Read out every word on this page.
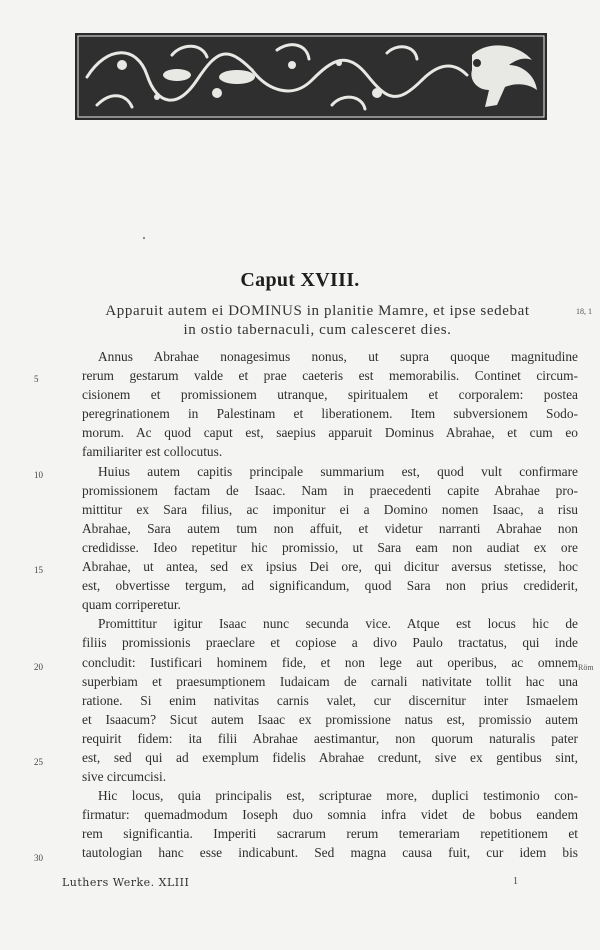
Caput XVIII.
Apparuit autem ei DOMINUS in planitie Mamre, et ipse sedebat
in ostio tabernaculi, cum calesceret dies.
18, 1
Annus Abrahae nonagesimus nonus, ut supra quoque magnitudine
rerum gestarum valde et prae caeteris est memorabilis. Continet circum-
cisionem et promissionem utranque, spiritualem et corporalem: postea
peregrinationem in Palestinam et liberationem. Item subversionem Sodo-
morum. Ac quod caput est, saepius apparuit Dominus Abrahae, et cum eo
familiariter est collocutus.
Huius autem capitis principale summarium est, quod vult confirmare
promissionem factam de Isaac. Nam in praecedenti capite Abrahae pro-
mittitur ex Sara filius, ac imponitur ei a Domino nomen Isaac, a risu
Abrahae, Sara autem tum non affuit, et videtur narranti Abrahae non
credidisse. Ideo repetitur hic promissio, ut Sara eam non audiat ex ore
Abrahae, ut antea, sed ex ipsius Dei ore, qui dicitur aversus stetisse, hoc
est, obvertisse tergum, ad significandum, quod Sara non prius crediderit,
quam corriperetur.
Promittitur igitur Isaac nunc secunda vice. Atque est locus hic de
filiis promissionis praeclare et copiose a divo Paulo tractatus, qui inde
concludit: Iustificari hominem fide, et non lege aut operibus, ac omnem
superbiam et praesumptionem Iudaicam de carnali nativitate tollit hac una
ratione. Si enim nativitas carnis valet, cur discernitur inter Ismaelem
et Isaacum? Sicut autem Isaac ex promissione natus est, promissio autem
requirit fidem: ita filii Abrahae aestimantur, non quorum naturalis pater
est, sed qui ad exemplum fidelis Abrahae credunt, sive ex gentibus sint,
sive circumcisi.
Hic locus, quia principalis est, scripturae more, duplici testimonio con-
firmatur: quemadmodum Ioseph duo somnia infra videt de bobus eandem
rem significantia. Imperiti sacrarum rerum temerariam repetitionem et
tautologian hanc esse indicabunt. Sed magna causa fuit, cur idem bis
5
10
15
20
25
30
Röm
Luthers Werke. XLIII	1
